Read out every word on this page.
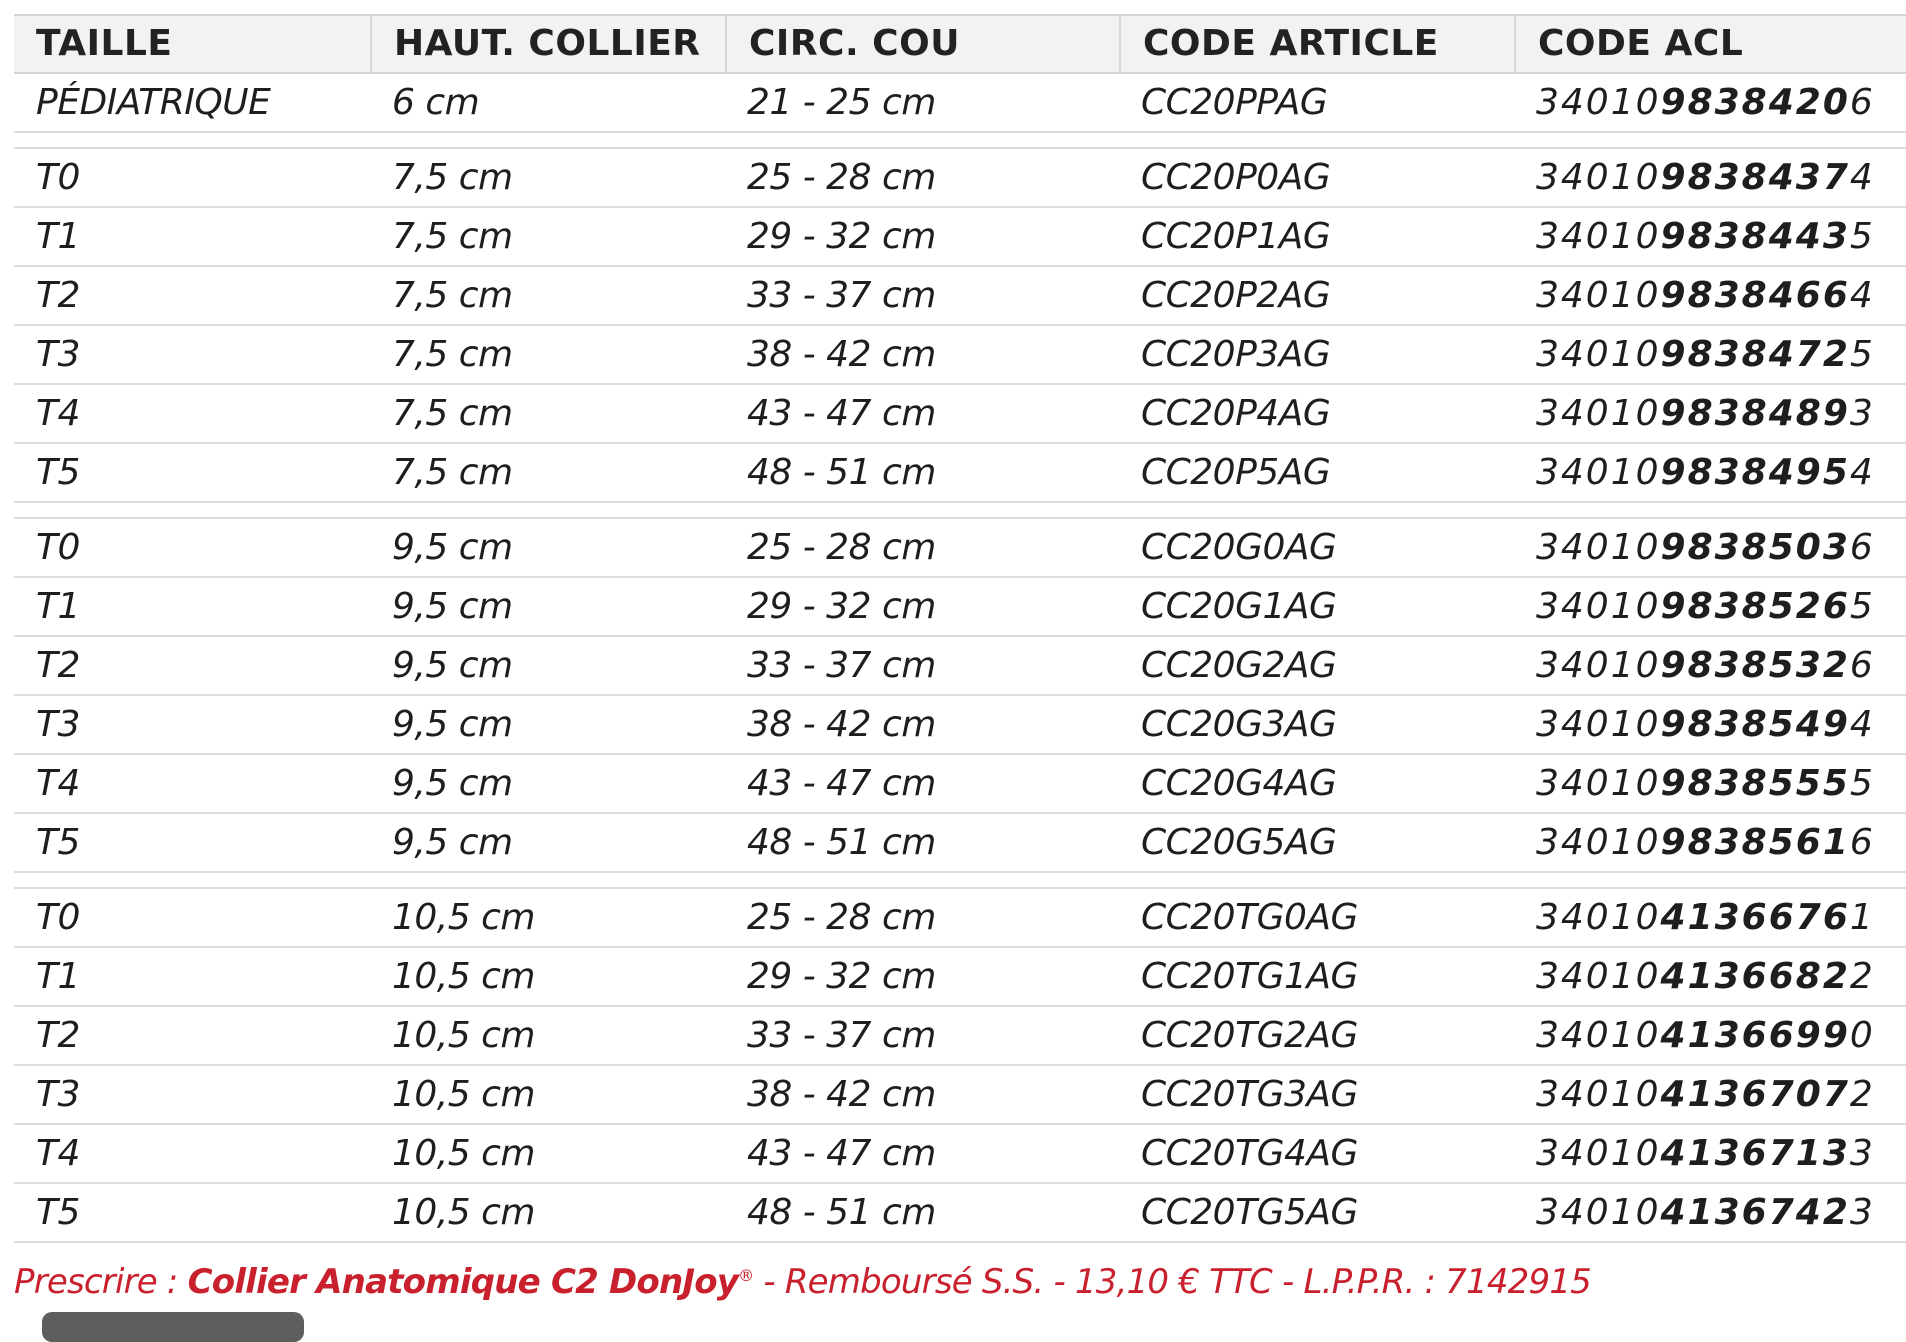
TAILLE	HAUT. COLLIER	CIRC. COU	CODE ARTICLE	CODE ACL
PÉDIATRIQUE	6 cm	21 - 25 cm	CC20PPAG	3401098384206
T0	7,5 cm	25 - 28 cm	CC20P0AG	3401098384374
T1	7,5 cm	29 - 32 cm	CC20P1AG	3401098384435
T2	7,5 cm	33 - 37 cm	CC20P2AG	3401098384664
T3	7,5 cm	38 - 42 cm	CC20P3AG	3401098384725
T4	7,5 cm	43 - 47 cm	CC20P4AG	3401098384893
T5	7,5 cm	48 - 51 cm	CC20P5AG	3401098384954
T0	9,5 cm	25 - 28 cm	CC20G0AG	3401098385036
T1	9,5 cm	29 - 32 cm	CC20G1AG	3401098385265
T2	9,5 cm	33 - 37 cm	CC20G2AG	3401098385326
T3	9,5 cm	38 - 42 cm	CC20G3AG	3401098385494
T4	9,5 cm	43 - 47 cm	CC20G4AG	3401098385555
T5	9,5 cm	48 - 51 cm	CC20G5AG	3401098385616
T0	10,5 cm	25 - 28 cm	CC20TG0AG	3401041366761
T1	10,5 cm	29 - 32 cm	CC20TG1AG	3401041366822
T2	10,5 cm	33 - 37 cm	CC20TG2AG	3401041366990
T3	10,5 cm	38 - 42 cm	CC20TG3AG	3401041367072
T4	10,5 cm	43 - 47 cm	CC20TG4AG	3401041367133
T5	10,5 cm	48 - 51 cm	CC20TG5AG	3401041367423
Prescrire : Collier Anatomique C2 DonJoy® - Remboursé S.S. - 13,10 € TTC - L.P.P.R. : 7142915
